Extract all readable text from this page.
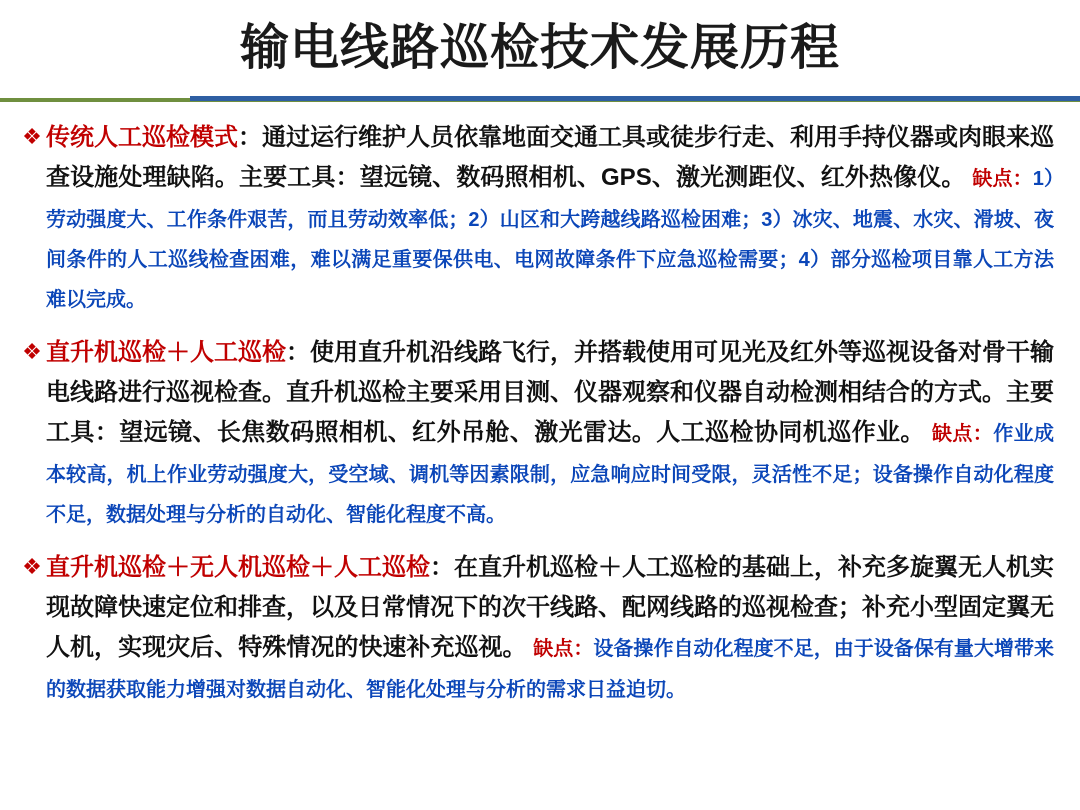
输电线路巡检技术发展历程
❖ 传统人工巡检模式：通过运行维护人员依靠地面交通工具或徒步行走、利用手持仪器或肉眼来巡查设施处理缺陷。主要工具：望远镜、数码照相机、GPS、激光测距仪、红外热像仪。 缺点：1）劳动强度大、工作条件艰苦，而且劳动效率低；2）山区和大跨越线路巡检困难；3）冰灾、地震、水灾、滑坡、夜间条件的人工巡线检查困难，难以满足重要保供电、电网故障条件下应急巡检需要；4）部分巡检项目靠人工方法难以完成。
❖ 直升机巡检＋人工巡检：使用直升机沿线路飞行，并搭载使用可见光及红外等巡视设备对骨干输电线路进行巡视检查。直升机巡检主要采用目测、仪器观察和仪器自动检测相结合的方式。主要工具：望远镜、长焦数码照相机、红外吊舱、激光雷达。人工巡检协同机巡作业。 缺点：作业成本较高，机上作业劳动强度大，受空域、调机等因素限制，应急响应时间受限，灵活性不足；设备操作自动化程度不足，数据处理与分析的自动化、智能化程度不高。
❖ 直升机巡检＋无人机巡检＋人工巡检：在直升机巡检＋人工巡检的基础上，补充多旋翼无人机实现故障快速定位和排查，以及日常情况下的次干线路、配网线路的巡视检查；补充小型固定翼无人机，实现灾后、特殊情况的快速补充巡视。 缺点：设备操作自动化程度不足，由于设备保有量大增带来的数据获取能力增强对数据自动化、智能化处理与分析的需求日益迫切。
